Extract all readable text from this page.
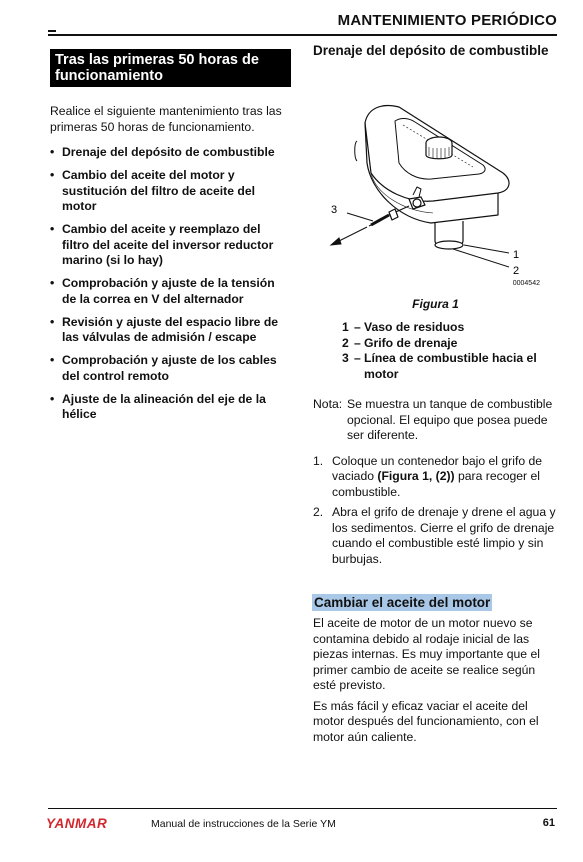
MANTENIMIENTO PERIÓDICO
Tras las primeras 50 horas de funcionamiento
Realice el siguiente mantenimiento tras las primeras 50 horas de funcionamiento.
• Drenaje del depósito de combustible
• Cambio del aceite del motor y sustitución del filtro de aceite del motor
• Cambio del aceite y reemplazo del filtro del aceite del inversor reductor marino (si lo hay)
• Comprobación y ajuste de la tensión de la correa en V del alternador
• Revisión y ajuste del espacio libre de las válvulas de admisión / escape
• Comprobación y ajuste de los cables del control remoto
• Ajuste de la alineación del eje de la hélice
Drenaje del depósito de combustible
3
1
2
0004542
Figura 1
1 – Vaso de residuos
2 – Grifo de drenaje
3 – Línea de combustible hacia el motor
Nota: Se muestra un tanque de combustible opcional. El equipo que posea puede ser diferente.
1. Coloque un contenedor bajo el grifo de vaciado (Figura 1, (2)) para recoger el combustible.
2. Abra el grifo de drenaje y drene el agua y los sedimentos. Cierre el grifo de drenaje cuando el combustible esté limpio y sin burbujas.
Cambiar el aceite del motor
El aceite de motor de un motor nuevo se contamina debido al rodaje inicial de las piezas internas. Es muy importante que el primer cambio de aceite se realice según esté previsto.
Es más fácil y eficaz vaciar el aceite del motor después del funcionamiento, con el motor aún caliente.
YANMAR	Manual de instrucciones de la Serie YM	61
